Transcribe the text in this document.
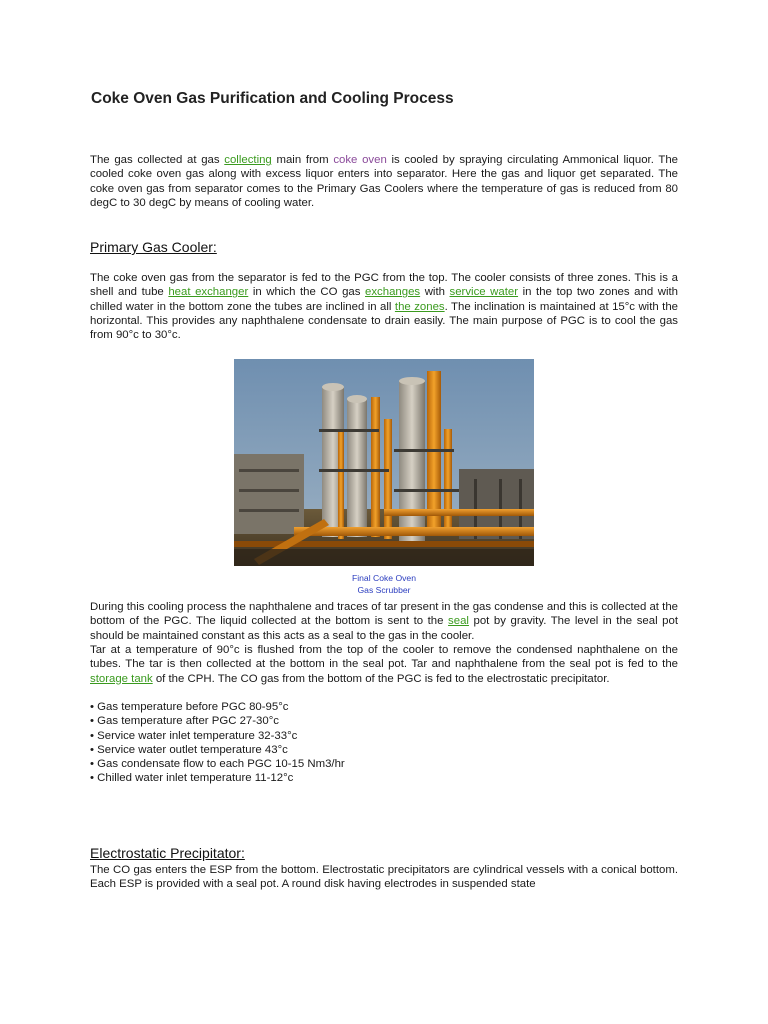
Coke Oven Gas Purification and Cooling Process

The gas collected at gas collecting main from coke oven is cooled by spraying circulating Ammonical liquor. The cooled coke oven gas along with excess liquor enters into separator. Here the gas and liquor get separated. The coke oven gas from separator comes to the Primary Gas Coolers where the temperature of gas is reduced from 80 degC to 30 degC by means of cooling water.

Primary Gas Cooler:

The coke oven gas from the separator is fed to the PGC from the top. The cooler consists of three zones. This is a shell and tube heat exchanger in which the CO gas exchanges with service water in the top two zones and with chilled water in the bottom zone the tubes are inclined in all the zones. The inclination is maintained at 15°c with the horizontal. This provides any naphthalene condensate to drain easily. The main purpose of PGC is to cool the gas from 90°c to 30°c.

Final Coke Oven
Gas Scrubber

During this cooling process the naphthalene and traces of tar present in the gas condense and this is collected at the bottom of the PGC. The liquid collected at the bottom is sent to the seal pot by gravity. The level in the seal pot should be maintained constant as this acts as a seal to the gas in the cooler.

Tar at a temperature of 90°c is flushed from the top of the cooler to remove the condensed naphthalene on the tubes. The tar is then collected at the bottom in the seal pot. Tar and naphthalene from the seal pot is fed to the storage tank of the CPH. The CO gas from the bottom of the PGC is fed to the electrostatic precipitator.

• Gas temperature before PGC 80-95°c
• Gas temperature after PGC 27-30°c
• Service water inlet temperature 32-33°c
• Service water outlet temperature 43°c
• Gas condensate flow to each PGC 10-15 Nm3/hr
• Chilled water inlet temperature 11-12°c
Electrostatic Precipitator:

The CO gas enters the ESP from the bottom. Electrostatic precipitators are cylindrical vessels with a conical bottom. Each ESP is provided with a seal pot. A round disk having electrodes in suspended state
